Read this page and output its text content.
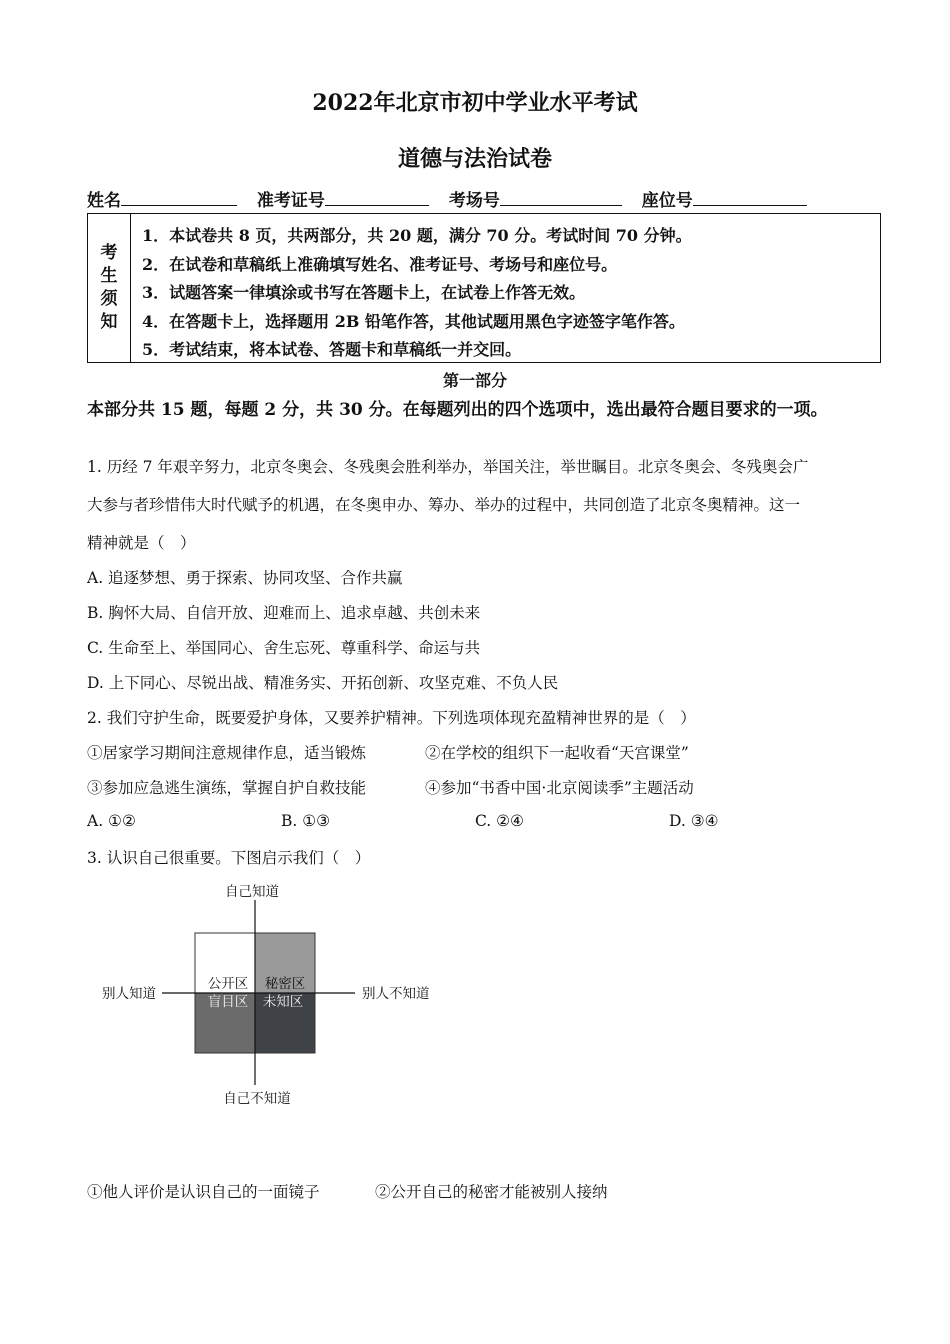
2022年北京市初中学业水平考试
道德与法治试卷
姓名	准考证号	考场号	座位号
考生须知
1．本试卷共 8 页，共两部分，共 20 题，满分 70 分。考试时间 70 分钟。
2．在试卷和草稿纸上准确填写姓名、准考证号、考场号和座位号。
3．试题答案一律填涂或书写在答题卡上，在试卷上作答无效。
4．在答题卡上，选择题用 2B 铅笔作答，其他试题用黑色字迹签字笔作答。
5．考试结束，将本试卷、答题卡和草稿纸一并交回。
第一部分
本部分共 15 题，每题 2 分，共 30 分。在每题列出的四个选项中，选出最符合题目要求的一项。
1. 历经 7 年艰辛努力，北京冬奥会、冬残奥会胜利举办，举国关注，举世瞩目。北京冬奥会、冬残奥会广
大参与者珍惜伟大时代赋予的机遇，在冬奥申办、筹办、举办的过程中，共同创造了北京冬奥精神。这一
精神就是（　）
A. 追逐梦想、勇于探索、协同攻坚、合作共赢
B. 胸怀大局、自信开放、迎难而上、追求卓越、共创未来
C. 生命至上、举国同心、舍生忘死、尊重科学、命运与共
D. 上下同心、尽锐出战、精准务实、开拓创新、攻坚克难、不负人民
2. 我们守护生命，既要爱护身体，又要养护精神。下列选项体现充盈精神世界的是（　）
①居家学习期间注意规律作息，适当锻炼	②在学校的组织下一起收看“天宫课堂”
③参加应急逃生演练，掌握自护自救技能	④参加“书香中国·北京阅读季”主题活动
A. ①②	B. ①③	C. ②④	D. ③④
3. 认识自己很重要。下图启示我们（　）
自己知道
自己不知道
别人知道	别人不知道
公开区 秘密区
盲目区 未知区
①他人评价是认识自己的一面镜子	②公开自己的秘密才能被别人接纳
